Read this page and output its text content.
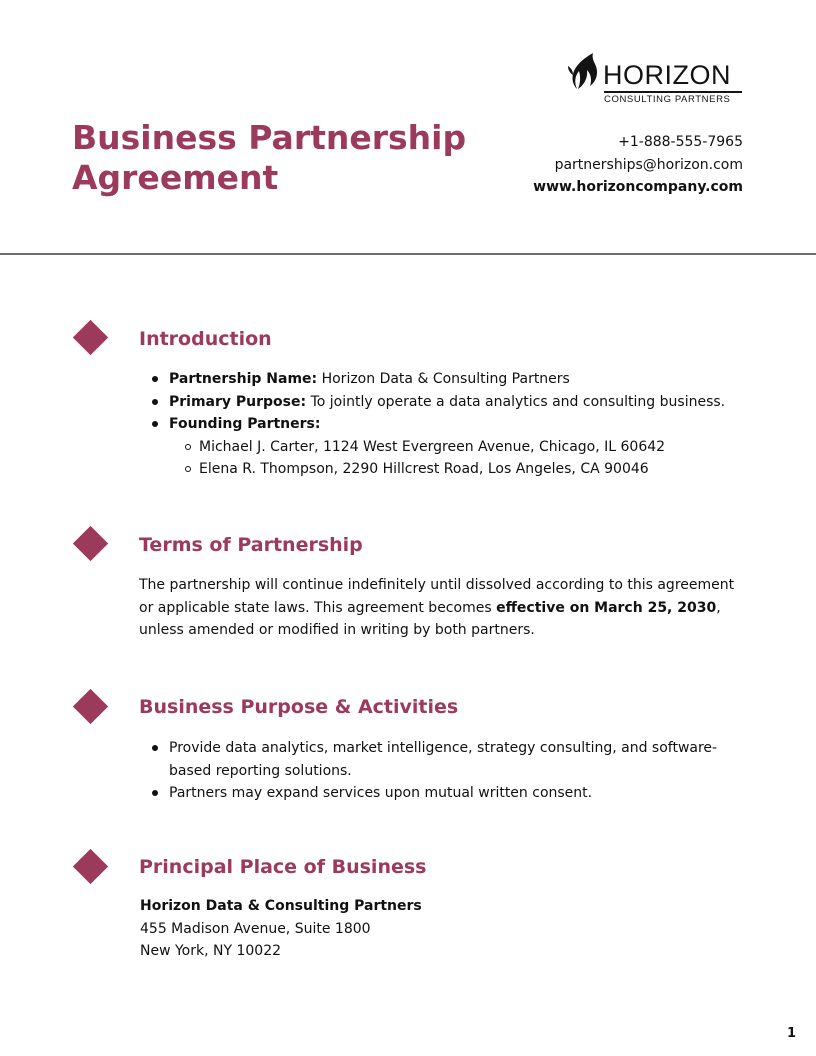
HORIZON
CONSULTING PARTNERS
Business Partnership Agreement
+1-888-555-7965
partnerships@horizon.com
www.horizoncompany.com
Introduction
Partnership Name: Horizon Data & Consulting Partners
Primary Purpose: To jointly operate a data analytics and consulting business.
Founding Partners:
Michael J. Carter, 1124 West Evergreen Avenue, Chicago, IL 60642
Elena R. Thompson, 2290 Hillcrest Road, Los Angeles, CA 90046
Terms of Partnership

The partnership will continue indefinitely until dissolved according to this agreement or applicable state laws. This agreement becomes effective on March 25, 2030, unless amended or modified in writing by both partners.

Business Purpose & Activities
Provide data analytics, market intelligence, strategy consulting, and software-based reporting solutions.
Partners may expand services upon mutual written consent.
Principal Place of Business
Horizon Data & Consulting Partners
455 Madison Avenue, Suite 1800
New York, NY 10022
1
